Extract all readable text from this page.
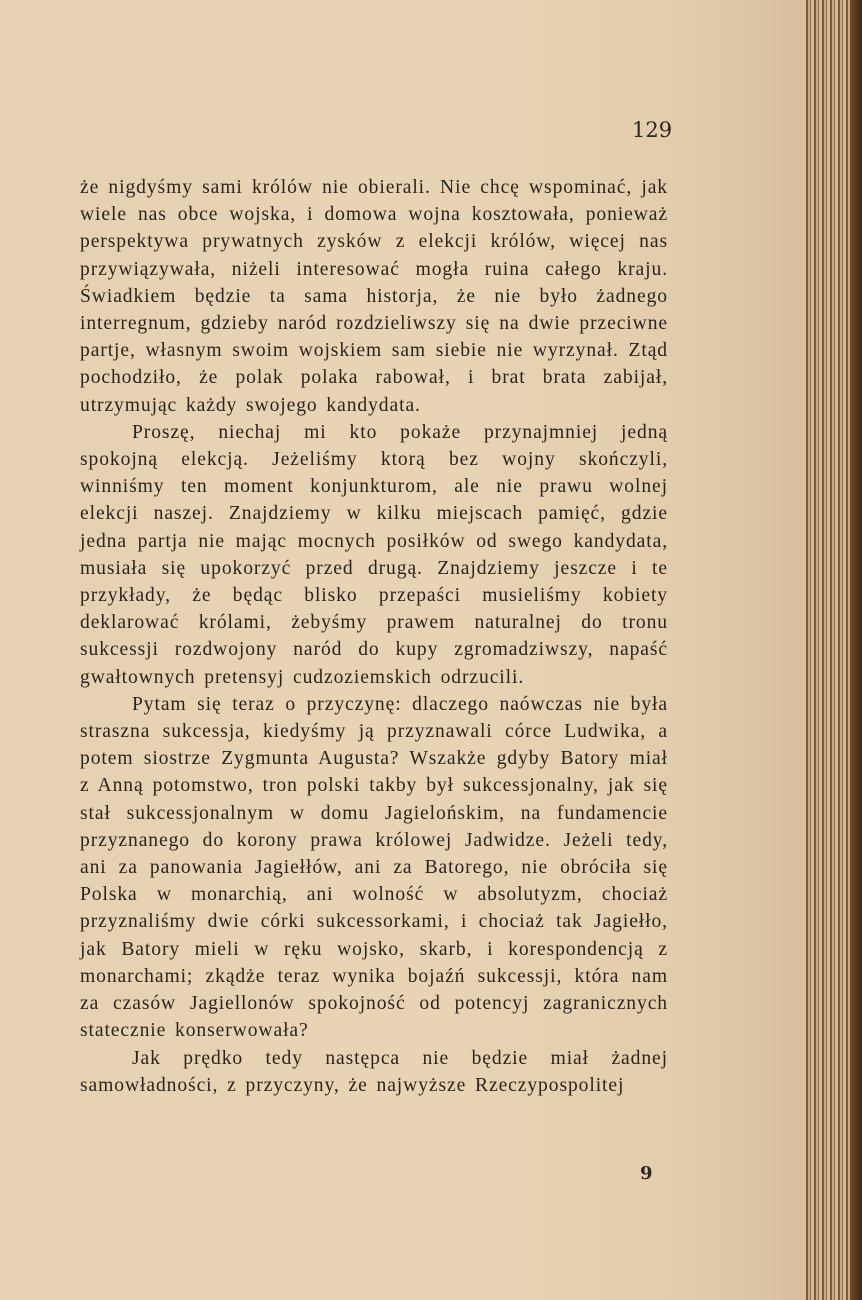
129

że nigdyśmy sami królów nie obierali. Nie chcę wspominać, jak wiele nas obce wojska, i domowa wojna kosztowała, ponieważ perspektywa prywatnych zysków z elekcji królów, więcej nas przywiązywała, niżeli interesować mogła ruina całego kraju. Świadkiem będzie ta sama historja, że nie było żadnego interregnum, gdzieby naród rozdzieliwszy się na dwie przeciwne partje, własnym swoim wojskiem sam siebie nie wyrzynał. Ztąd pochodziło, że polak polaka rabował, i brat brata zabijał, utrzymując każdy swojego kandydata.

Proszę, niechaj mi kto pokaże przynajmniej jedną spokojną elekcją. Jeżeliśmy ktorą bez wojny skończyli, winniśmy ten moment konjunkturom, ale nie prawu wolnej elekcji naszej. Znajdziemy w kilku miejscach pamięć, gdzie jedna partja nie mając mocnych posiłków od swego kandydata, musiała się upokorzyć przed drugą. Znajdziemy jeszcze i te przykłady, że będąc blisko przepaści musieliśmy kobiety deklarować królami, żebyśmy prawem naturalnej do tronu sukcessji rozdwojony naród do kupy zgromadziwszy, napaść gwałtownych pretensyj cudzoziemskich odrzucili.

Pytam się teraz o przyczynę: dlaczego naówczas nie była straszna sukcessja, kiedyśmy ją przyznawali córce Ludwika, a potem siostrze Zygmunta Augusta? Wszakże gdyby Batory miał z Anną potomstwo, tron polski takby był sukcessjonalny, jak się stał sukcessjonalnym w domu Jagielońskim, na fundamencie przyznanego do korony prawa królowej Jadwidze. Jeżeli tedy, ani za panowania Jagiełłów, ani za Batorego, nie obróciła się Polska w monarchią, ani wolność w absolutyzm, chociaż przyznaliśmy dwie córki sukcessorkami, i chociaż tak Jagiełło, jak Batory mieli w ręku wojsko, skarb, i korespondencją z monarchami; zkądże teraz wynika bojaźń sukcessji, która nam za czasów Jagiellonów spokojność od potencyj zagranicznych statecznie konserwowała?

Jak prędko tedy następca nie będzie miał żadnej samowładności, z przyczyny, że najwyższe Rzeczypospolitej

9
